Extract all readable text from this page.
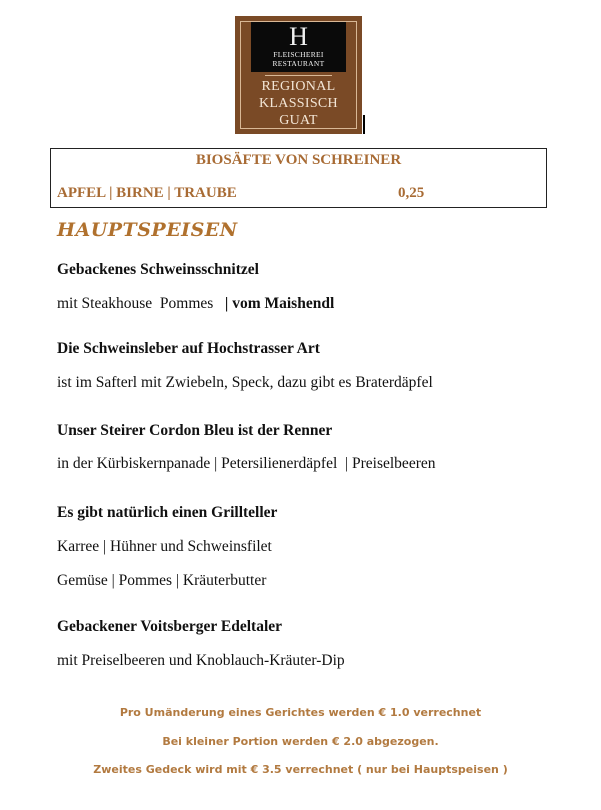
H
FLEISCHEREI
RESTAURANT
REGIONAL
KLASSISCH
GUAT
BIOSÄFTE VON SCHREINER
APFEL | BIRNE | TRAUBE	0,25
HAUPTSPEISEN
Gebackenes Schweinsschnitzel
mit Steakhouse  Pommes   | vom Maishendl
Die Schweinsleber auf Hochstrasser Art
ist im Safterl mit Zwiebeln, Speck, dazu gibt es Braterdäpfel
Unser Steirer Cordon Bleu ist der Renner
in der Kürbiskernpanade | Petersilienerdäpfel  | Preiselbeeren
Es gibt natürlich einen Grillteller
Karree | Hühner und Schweinsfilet
Gemüse | Pommes | Kräuterbutter
Gebackener Voitsberger Edeltaler
mit Preiselbeeren und Knoblauch-Kräuter-Dip
Pro Umänderung eines Gerichtes werden € 1.0 verrechnet
Bei kleiner Portion werden € 2.0 abgezogen.
Zweites Gedeck wird mit € 3.5 verrechnet ( nur bei Hauptspeisen )
